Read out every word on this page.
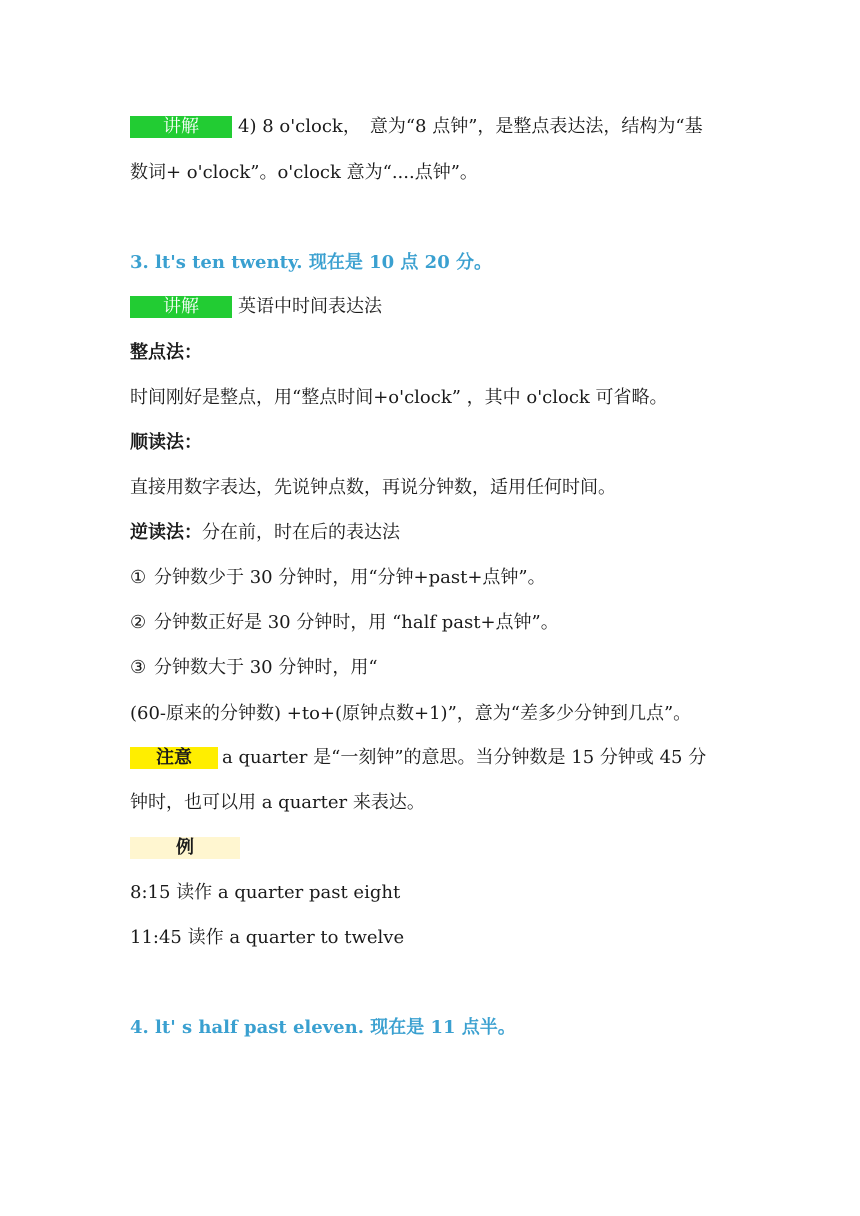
讲解 4) 8 o'clock，　意为“8 点钟”，是整点表达法，结构为“基
数词+ o'clock”。o'clock 意为“....点钟”。
3. lt's ten twenty. 现在是 10 点 20 分。
讲解 英语中时间表达法
整点法：
时间刚好是整点，用“整点时间+o'clock” ，其中 o'clock 可省略。
顺读法：
直接用数字表达，先说钟点数，再说分钟数，适用任何时间。
逆读法：分在前，时在后的表达法
① 分钟数少于 30 分钟时，用“分钟+past+点钟”。
② 分钟数正好是 30 分钟时，用 “half past+点钟”。
③ 分钟数大于 30 分钟时，用“
(60-原来的分钟数) +to+(原钟点数+1)”，意为“差多少分钟到几点”。
注意 a quarter 是“一刻钟”的意思。当分钟数是 15 分钟或 45 分
钟时，也可以用 a quarter 来表达。
例
8:15 读作 a quarter past eight
11:45 读作 a quarter to twelve
4. lt' s half past eleven. 现在是 11 点半。
